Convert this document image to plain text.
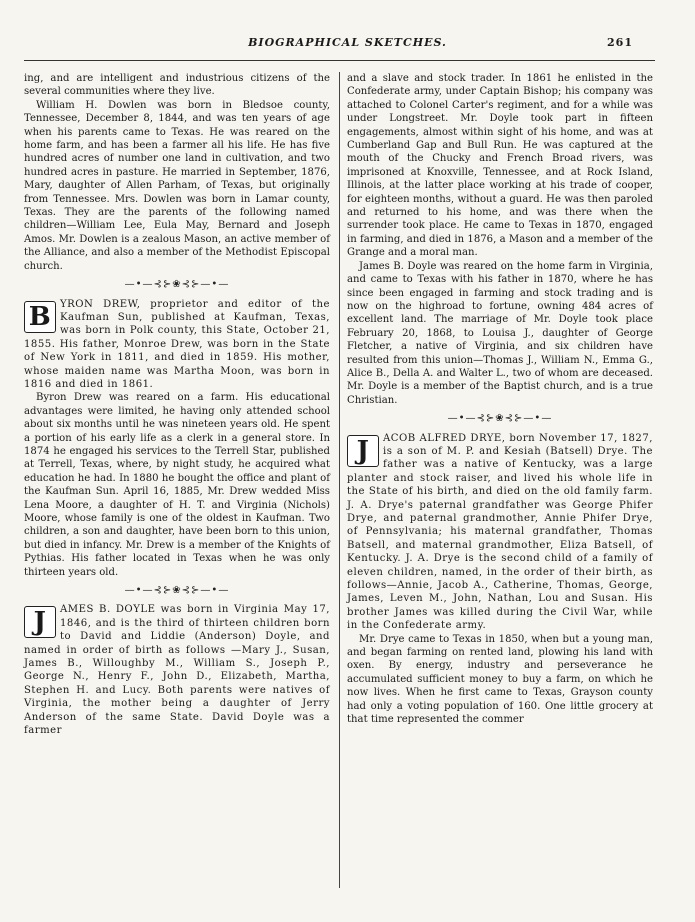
BIOGRAPHICAL SKETCHES.	261

ing, and are intelligent and industrious citizens of the several communities where they live.

William H. Dowlen was born in Bledsoe county, Tennessee, December 8, 1844, and was ten years of age when his parents came to Texas. He was reared on the home farm, and has been a farmer all his life. He has five hundred acres of number one land in cultivation, and two hundred acres in pasture. He married in September, 1876, Mary, daughter of Allen Parham, of Texas, but originally from Tennessee. Mrs. Dowlen was born in Lamar county, Texas. They are the parents of the following named children—William Lee, Eula May, Bernard and Joseph Amos. Mr. Dowlen is a zealous Mason, an active member of the Alliance, and also a member of the Methodist Episcopal church.

—•—⊰⊱❀⊰⊱—•—

B YRON DREW, proprietor and editor of the Kaufman Sun, published at Kaufman, Texas, was born in Polk county, this State, October 21, 1855. His father, Monroe Drew, was born in the State of New York in 1811, and died in 1859. His mother, whose maiden name was Martha Moon, was born in 1816 and died in 1861.

Byron Drew was reared on a farm. His educational advantages were limited, he having only attended school about six months until he was nineteen years old. He spent a portion of his early life as a clerk in a general store. In 1874 he engaged his services to the Terrell Star, published at Terrell, Texas, where, by night study, he acquired what education he had. In 1880 he bought the office and plant of the Kaufman Sun. April 16, 1885, Mr. Drew wedded Miss Lena Moore, a daughter of H. T. and Virginia (Nichols) Moore, whose family is one of the oldest in Kaufman. Two children, a son and daughter, have been born to this union, but died in infancy. Mr. Drew is a member of the Knights of Pythias. His father located in Texas when he was only thirteen years old.

—•—⊰⊱❀⊰⊱—•—

J	AMES B. DOYLE was born in Virginia May 17, 1846, and is the third of thirteen children born to David and Liddie (Anderson) Doyle, and named in order of birth as follows —Mary J., Susan, James B., Willoughby M., William S., Joseph P., George N., Henry F., John D., Elizabeth, Martha, Stephen H. and Lucy. Both parents were natives of Virginia, the mother being a daughter of Jerry Anderson of the same State. David Doyle was a farmer

and a slave and stock trader. In 1861 he enlisted in the Confederate army, under Captain Bishop; his company was attached to Colonel Carter's regiment, and for a while was under Longstreet. Mr. Doyle took part in fifteen engagements, almost within sight of his home, and was at Cumberland Gap and Bull Run. He was captured at the mouth of the Chucky and French Broad rivers, was imprisoned at Knoxville, Tennessee, and at Rock Island, Illinois, at the latter place working at his trade of cooper, for eighteen months, without a guard. He was then paroled and returned to his home, and was there when the surrender took place. He came to Texas in 1870, engaged in farming, and died in 1876, a Mason and a member of the Grange and a moral man.

James B. Doyle was reared on the home farm in Virginia, and came to Texas with his father in 1870, where he has since been engaged in farming and stock trading and is now on the highroad to fortune, owning 484 acres of excellent land. The marriage of Mr. Doyle took place February 20, 1868, to Louisa J., daughter of George Fletcher, a native of Virginia, and six children have resulted from this union—Thomas J., William N., Emma G., Alice B., Della A. and Walter L., two of whom are deceased. Mr. Doyle is a member of the Baptist church, and is a true Christian.

—•—⊰⊱❀⊰⊱—•—

J	ACOB ALFRED DRYE, born November 17, 1827, is a son of M. P. and Kesiah (Batsell) Drye. The father was a native of Kentucky, was a large planter and stock raiser, and lived his whole life in the State of his birth, and died on the old family farm. J. A. Drye's paternal grandfather was George Phifer Drye, and paternal grandmother, Annie Phifer Drye, of Pennsylvania; his maternal grandfather, Thomas Batsell, and maternal grandmother, Eliza Batsell, of Kentucky. J. A. Drye is the second child of a family of eleven children, named, in the order of their birth, as follows—Annie, Jacob A., Catherine, Thomas, George, James, Leven M., John, Nathan, Lou and Susan. His brother James was killed during the Civil War, while in the Confederate army.

Mr. Drye came to Texas in 1850, when but a young man, and began farming on rented land, plowing his land with oxen. By energy, industry and perseverance he accumulated sufficient money to buy a farm, on which he now lives. When he first came to Texas, Grayson county had only a voting population of 160. One little grocery at that time represented the commer
